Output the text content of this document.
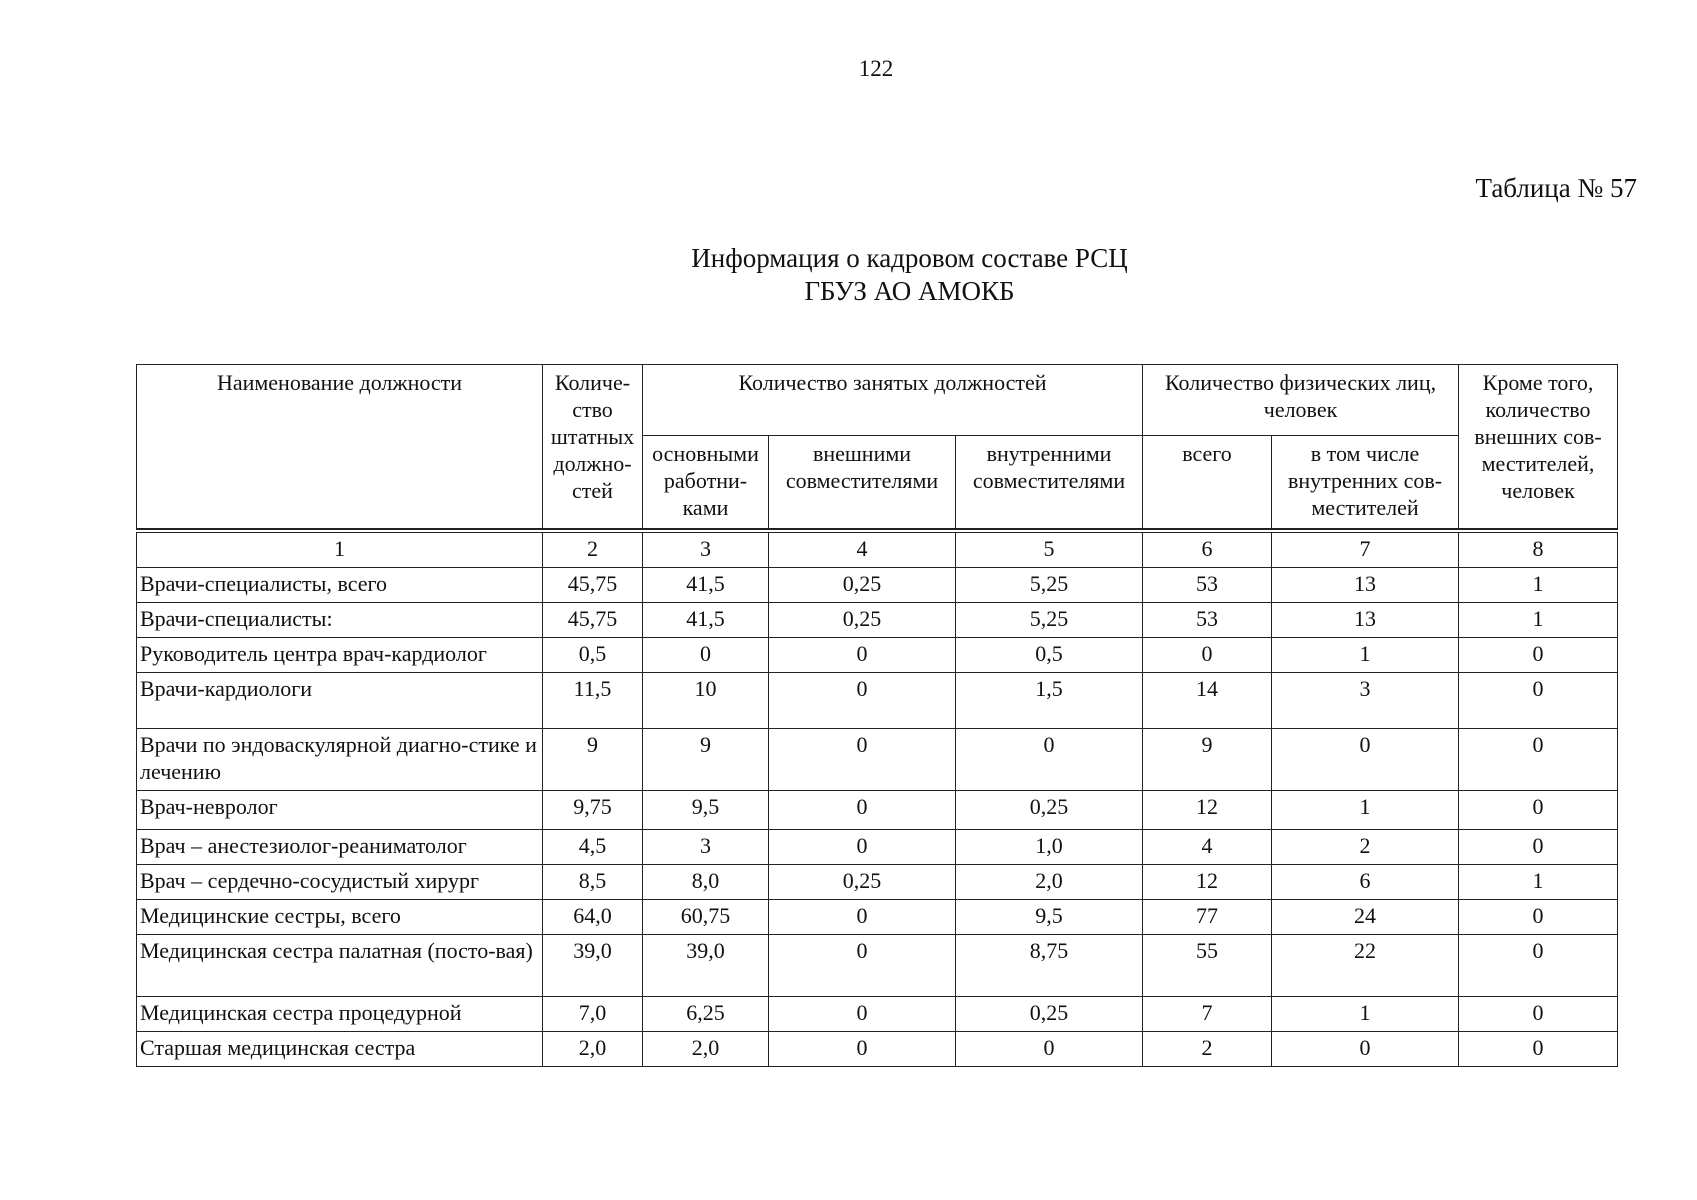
122
Таблица № 57
Информация о кадровом составе РСЦ
ГБУЗ АО АМОКБ
Наименование должности	Количе-ство штатных должно-стей	Количество занятых должностей			Количество физических лиц, человек		Кроме того, количество внешних сов-местителей, человек
		основными работни-ками	внешними совместителями	внутренними совместителями	всего	в том числе внутренних сов-местителей	

1	2	3	4	5	6	7	8
Врачи-специалисты, всего	45,75	41,5	0,25	5,25	53	13	1
Врачи-специалисты:	45,75	41,5	0,25	5,25	53	13	1
Руководитель центра врач-кардиолог	0,5	0	0	0,5	0	1	0
Врачи-кардиологи	11,5	10	0	1,5	14	3	0
Врачи по эндоваскулярной диагно-стике и лечению	9	9	0	0	9	0	0
Врач-невролог	9,75	9,5	0	0,25	12	1	0
Врач – анестезиолог-реаниматолог	4,5	3	0	1,0	4	2	0
Врач – сердечно-сосудистый хирург	8,5	8,0	0,25	2,0	12	6	1
Медицинские сестры, всего	64,0	60,75	0	9,5	77	24	0
Медицинская сестра палатная (посто-вая)	39,0	39,0	0	8,75	55	22	0
Медицинская сестра процедурной	7,0	6,25	0	0,25	7	1	0
Старшая медицинская сестра	2,0	2,0	0	0	2	0	0
